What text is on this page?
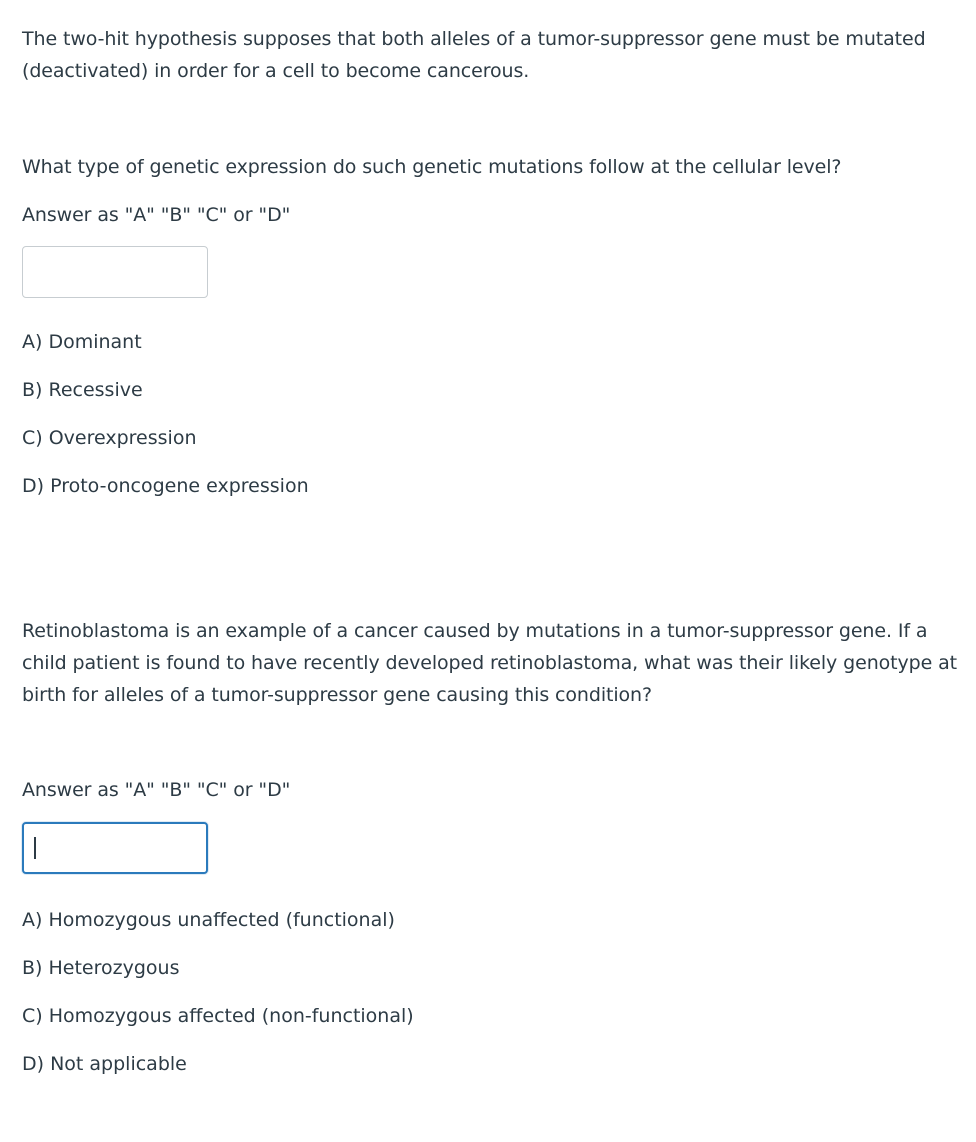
The two-hit hypothesis supposes that both alleles of a tumor-suppressor gene must be mutated (deactivated) in order for a cell to become cancerous.
What type of genetic expression do such genetic mutations follow at the cellular level?
Answer as "A" "B" "C" or "D"
A) Dominant
B) Recessive
C) Overexpression
D) Proto-oncogene expression
Retinoblastoma is an example of a cancer caused by mutations in a tumor-suppressor gene. If a child patient is found to have recently developed retinoblastoma, what was their likely genotype at birth for alleles of a tumor-suppressor gene causing this condition?
Answer as "A" "B" "C" or "D"
A) Homozygous unaffected (functional)
B) Heterozygous
C) Homozygous affected (non-functional)
D) Not applicable
